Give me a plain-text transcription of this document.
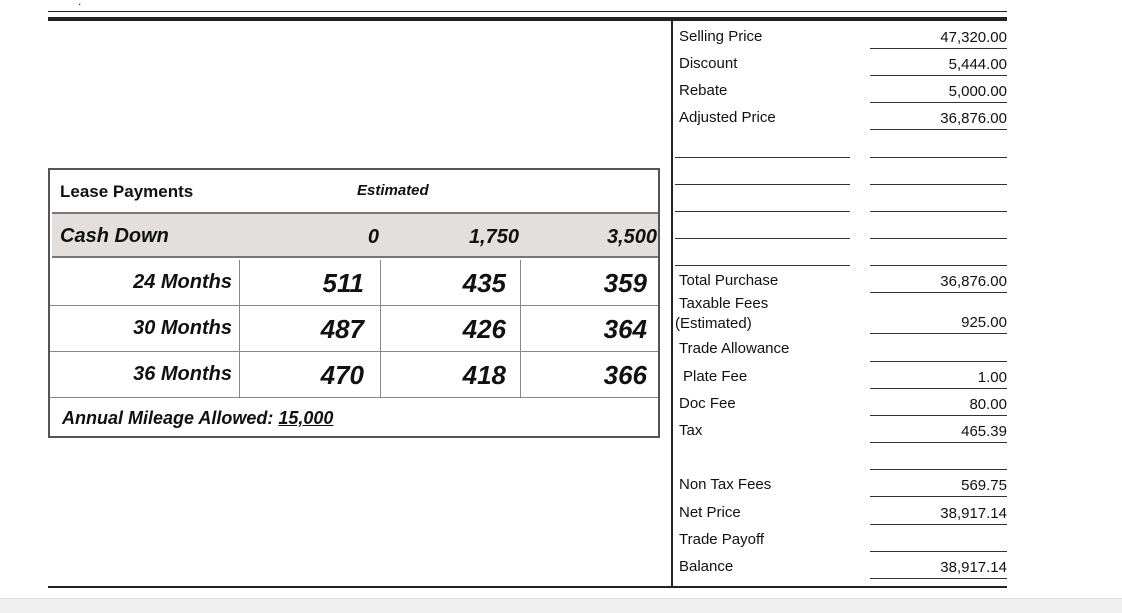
.
Lease Payments	Estimated
Cash Down	0	1,750	3,500
24 Months	511	435	359
30 Months	487	426	364
36 Months	470	418	366
Annual Mileage Allowed: 15,000
Selling Price	47,320.00
Discount	5,444.00
Rebate	5,000.00
Adjusted Price	36,876.00
Total Purchase	36,876.00
Taxable Fees
(Estimated)	925.00
Trade Allowance
Plate Fee	1.00
Doc Fee	80.00
Tax	465.39
Non Tax Fees	569.75
Net Price	38,917.14
Trade Payoff
Balance	38,917.14
